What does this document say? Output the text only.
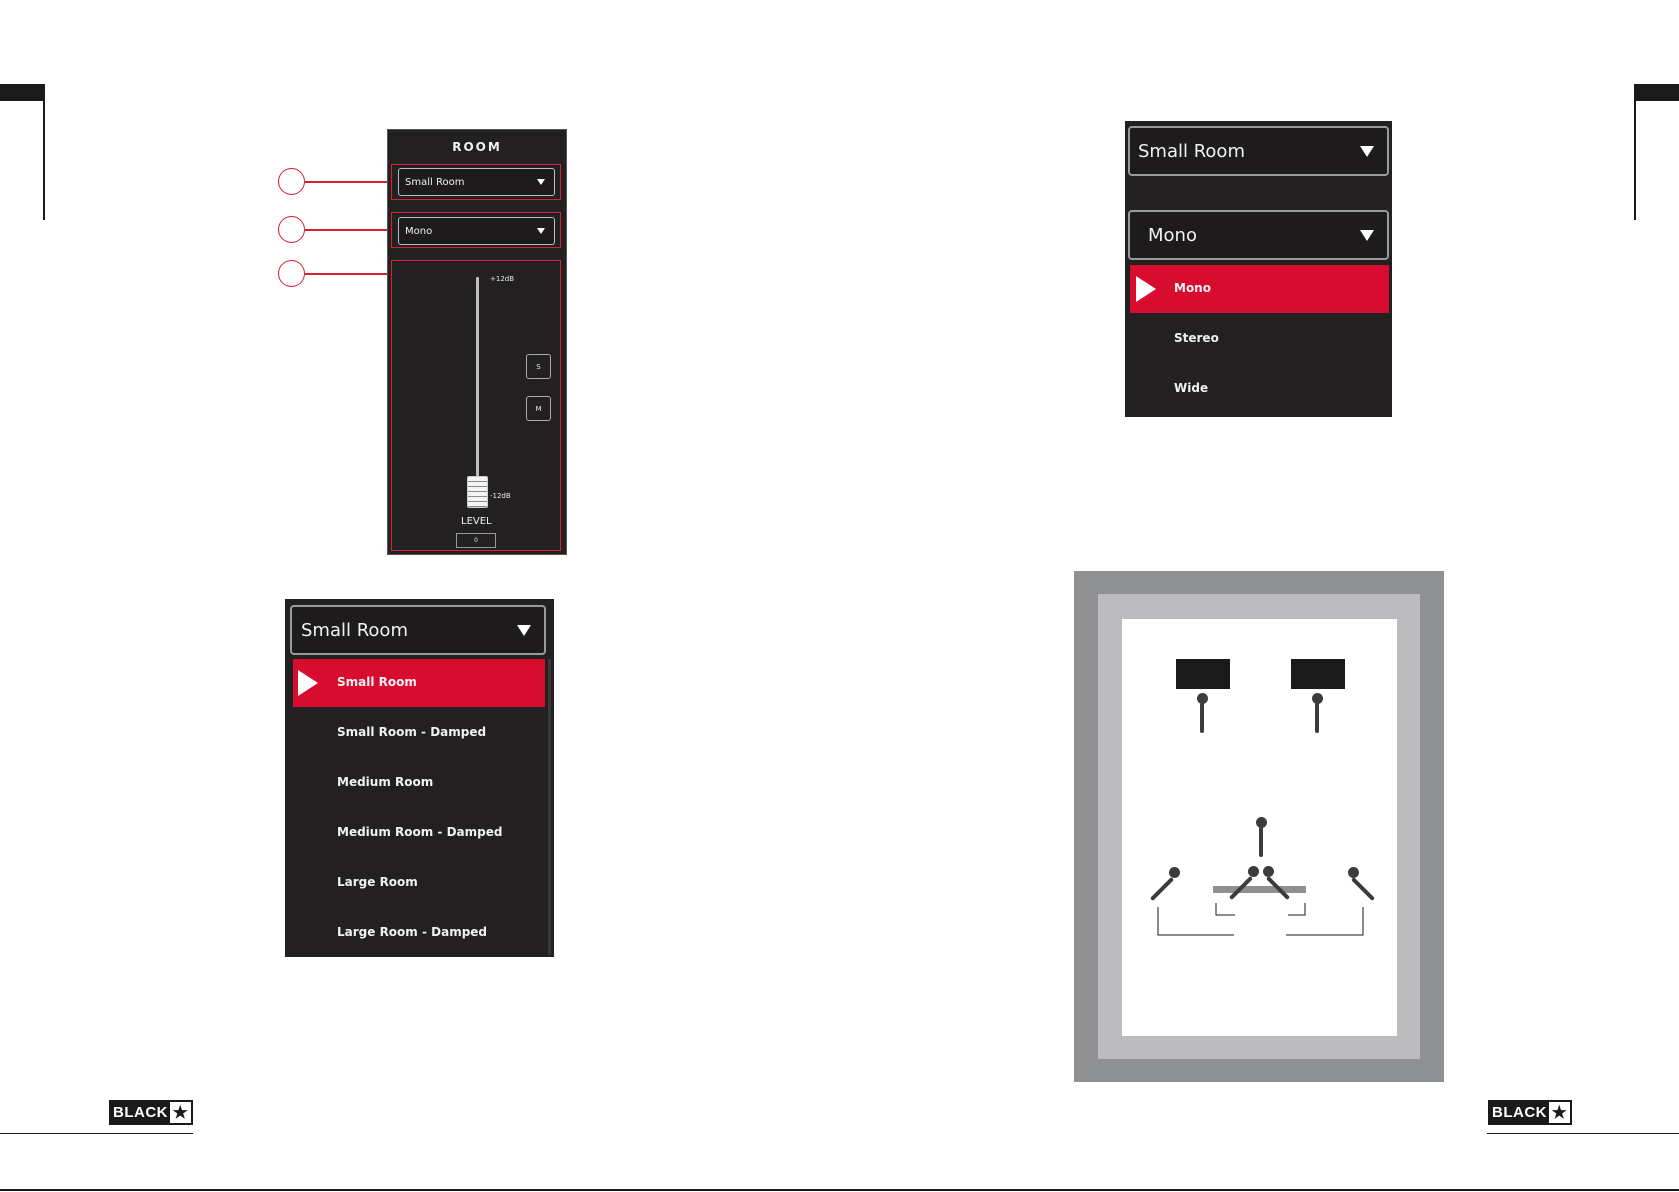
ROOM
Small Room
Mono
+12dB
-12dB
S
M
LEVEL
0
Small Room
Small Room
Small Room - Damped
Medium Room
Medium Room - Damped
Large Room
Large Room - Damped
Small Room
Mono
Mono
Stereo
Wide
BLACK ★	BLACK ★
